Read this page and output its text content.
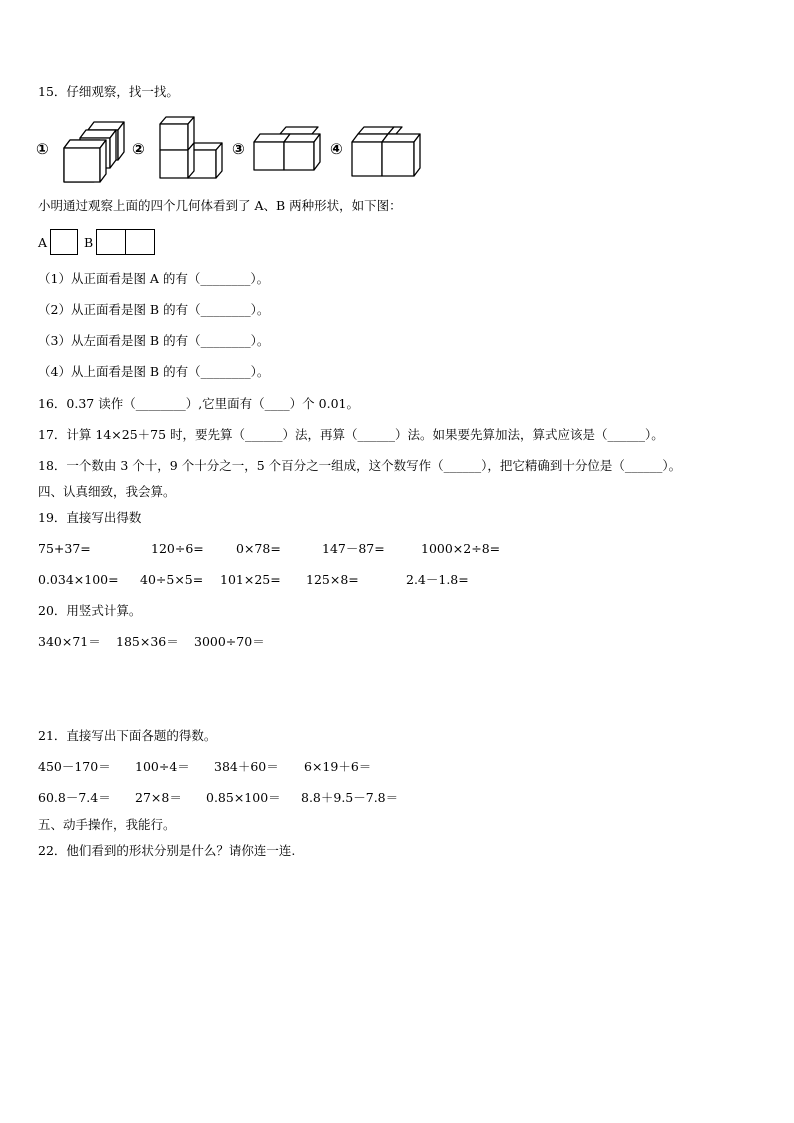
15．仔细观察，找一找。
①	②	③	④
小明通过观察上面的四个几何体看到了 A、B 两种形状，如下图：
A	B
（1）从正面看是图 A 的有（________）。
（2）从正面看是图 B 的有（________）。
（3）从左面看是图 B 的有（________）。
（4）从上面看是图 B 的有（________）。
16．0.37 读作（________）,它里面有（____）个 0.01。
17．计算 14×25＋75 时，要先算（______）法，再算（______）法。如果要先算加法，算式应该是（______）。
18．一个数由 3 个十，9 个十分之一，5 个百分之一组成，这个数写作（______），把它精确到十分位是（______）。
四、认真细致，我会算。
19．直接写出得数
75+37=	120÷6=	0×78=	147－87=	1000×2÷8=
0.034×100= 40÷5×5= 101×25= 125×8=	2.4－1.8=
20．用竖式计算。
340×71＝ 185×36＝ 3000÷70＝
21．直接写出下面各题的得数。
450－170＝ 100÷4＝ 384＋60＝ 6×19＋6＝
60.8－7.4＝ 27×8＝ 0.85×100＝ 8.8＋9.5－7.8＝
五、动手操作，我能行。
22．他们看到的形状分别是什么？请你连一连.
